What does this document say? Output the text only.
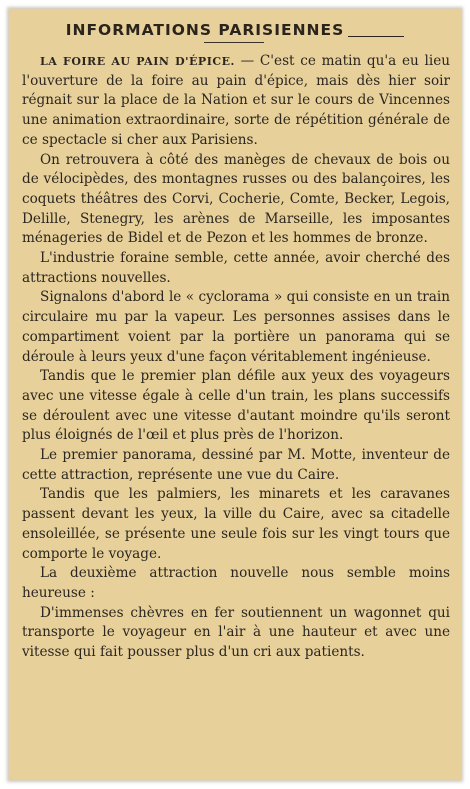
INFORMATIONS PARISIENNES

LA FOIRE AU PAIN D'ÉPICE. — C'est ce matin qu'a eu lieu l'ouverture de la foire au pain d'épice, mais dès hier soir régnait sur la place de la Nation et sur le cours de Vincennes une animation extraordinaire, sorte de répétition générale de ce spectacle si cher aux Parisiens.

On retrouvera à côté des manèges de chevaux de bois ou de vélocipèdes, des montagnes russes ou des balançoires, les coquets théâtres des Corvi, Cocherie, Comte, Becker, Legois, Delille, Stenegry, les arènes de Marseille, les imposantes ménageries de Bidel et de Pezon et les hommes de bronze.

L'industrie foraine semble, cette année, avoir cherché des attractions nouvelles.

Signalons d'abord le « cyclorama » qui consiste en un train circulaire mu par la vapeur. Les personnes assises dans le compartiment voient par la portière un panorama qui se déroule à leurs yeux d'une façon véritablement ingénieuse.

Tandis que le premier plan défile aux yeux des voyageurs avec une vitesse égale à celle d'un train, les plans successifs se déroulent avec une vitesse d'autant moindre qu'ils seront plus éloignés de l'œil et plus près de l'horizon.

Le premier panorama, dessiné par M. Motte, inventeur de cette attraction, représente une vue du Caire.

Tandis que les palmiers, les minarets et les caravanes passent devant les yeux, la ville du Caire, avec sa citadelle ensoleillée, se présente une seule fois sur les vingt tours que comporte le voyage.

La deuxième attraction nouvelle nous semble moins heureuse :

D'immenses chèvres en fer soutiennent un wagonnet qui transporte le voyageur en l'air à une hauteur et avec une vitesse qui fait pousser plus d'un cri aux patients.
